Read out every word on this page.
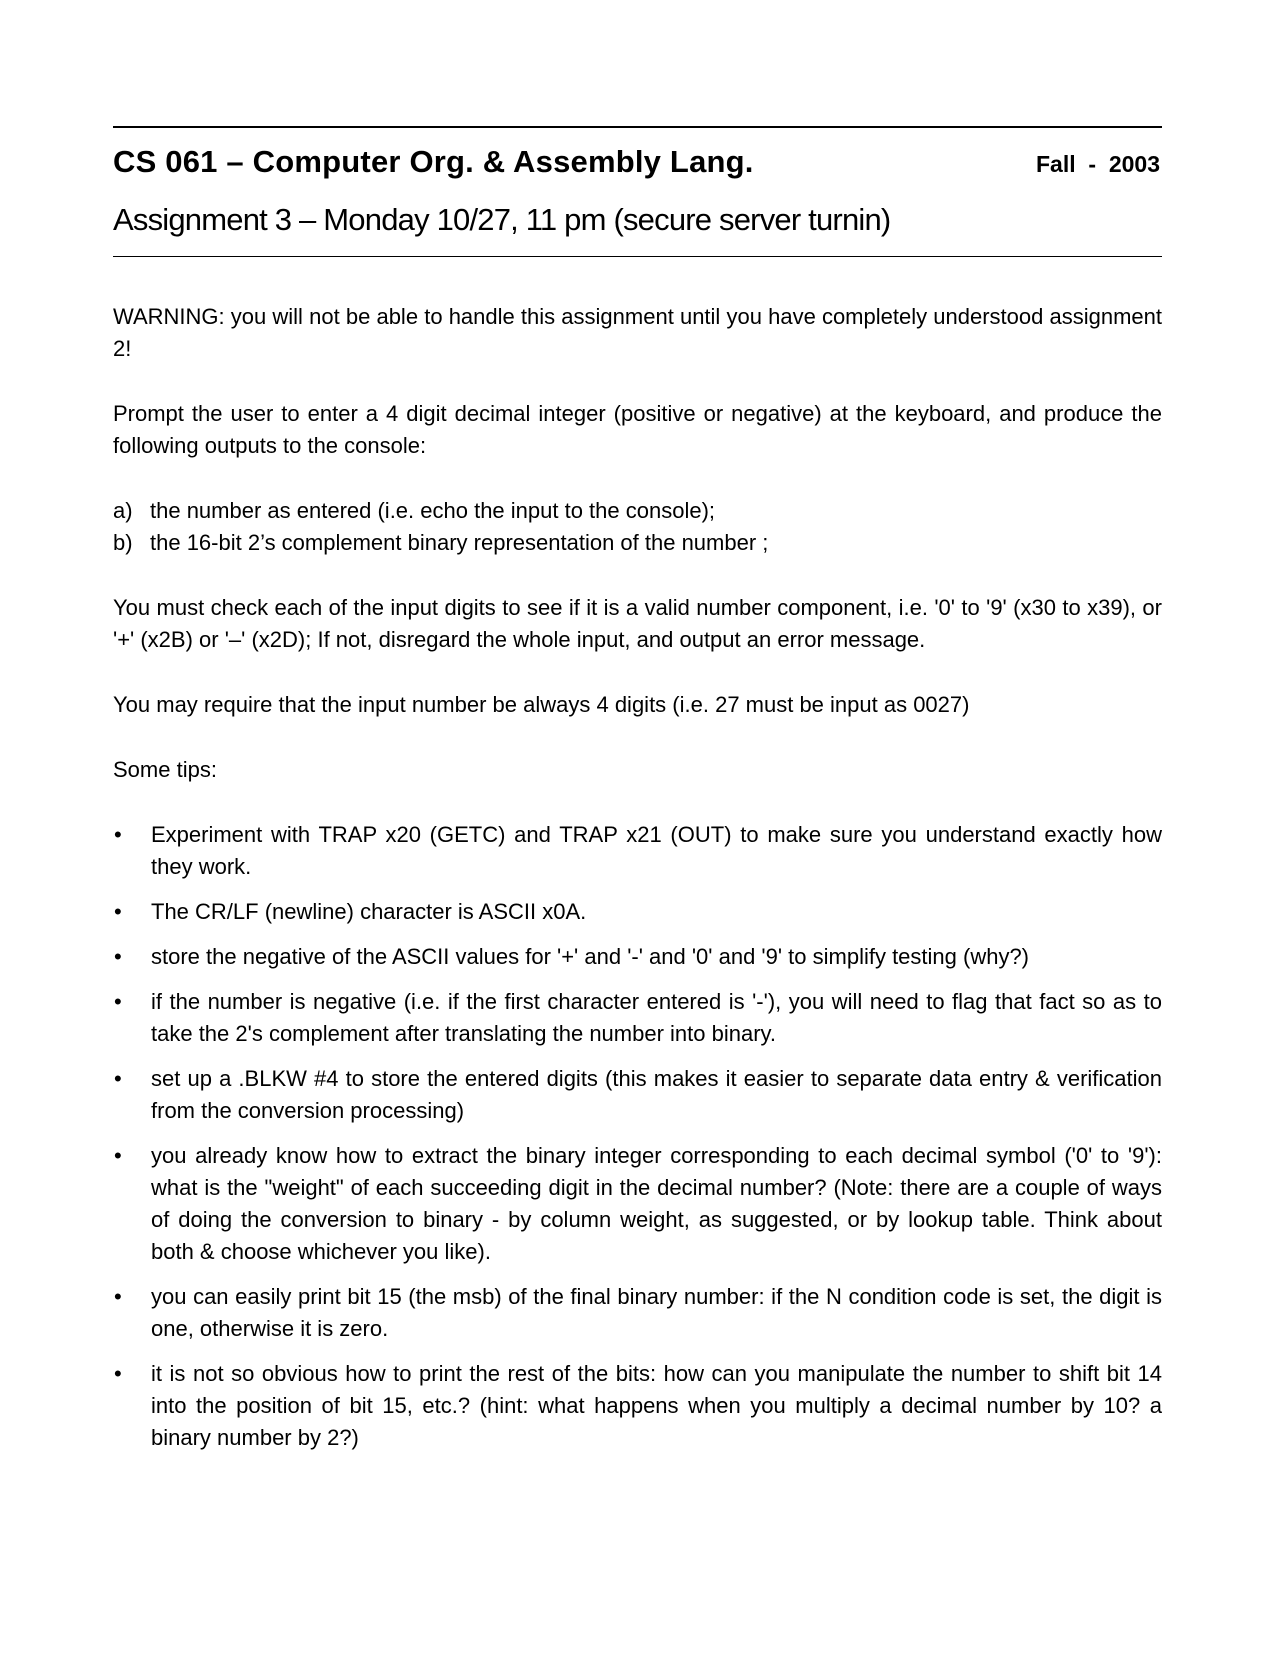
CS 061 – Computer Org. & Assembly Lang.	Fall  -  2003
Assignment 3 – Monday 10/27, 11 pm (secure server turnin)

WARNING: you will not be able to handle this assignment until you have completely understood assignment 2!

Prompt the user to enter a 4 digit decimal integer (positive or negative) at the keyboard, and produce the following outputs to the console:

a) the number as entered (i.e. echo the input to the console);
b) the 16-bit 2’s complement binary representation of the number ;

You must check each of the input digits to see if it is a valid number component, i.e. '0' to '9' (x30 to x39), or '+' (x2B) or '–' (x2D); If not, disregard the whole input, and output an error message.

You may require that the input number be always 4 digits (i.e. 27 must be input as 0027)

Some tips:

•	Experiment with TRAP x20 (GETC) and TRAP x21 (OUT) to make sure you understand exactly how they work.
•	The CR/LF (newline) character is ASCII x0A.
•	store the negative of the ASCII values for '+' and '-' and '0' and '9' to simplify testing (why?)
•	if the number is negative (i.e. if the first character entered is '-'), you will need to flag that fact so as to take the 2's complement after translating the number into binary.
•	set up a .BLKW #4 to store the entered digits (this makes it easier to separate data entry & verification from the conversion processing)
•	you already know how to extract the binary integer corresponding to each decimal symbol ('0' to '9'): what is the "weight" of each succeeding digit in the decimal number? (Note: there are a couple of ways of doing the conversion to binary - by column weight, as suggested, or by lookup table. Think about both & choose whichever you like).
•	you can easily print bit 15 (the msb) of the final binary number: if the N condition code is set, the digit is one, otherwise it is zero.
•	it is not so obvious how to print the rest of the bits: how can you manipulate the number to shift bit 14 into the position of bit 15, etc.? (hint: what happens when you multiply a decimal number by 10? a binary number by 2?)
